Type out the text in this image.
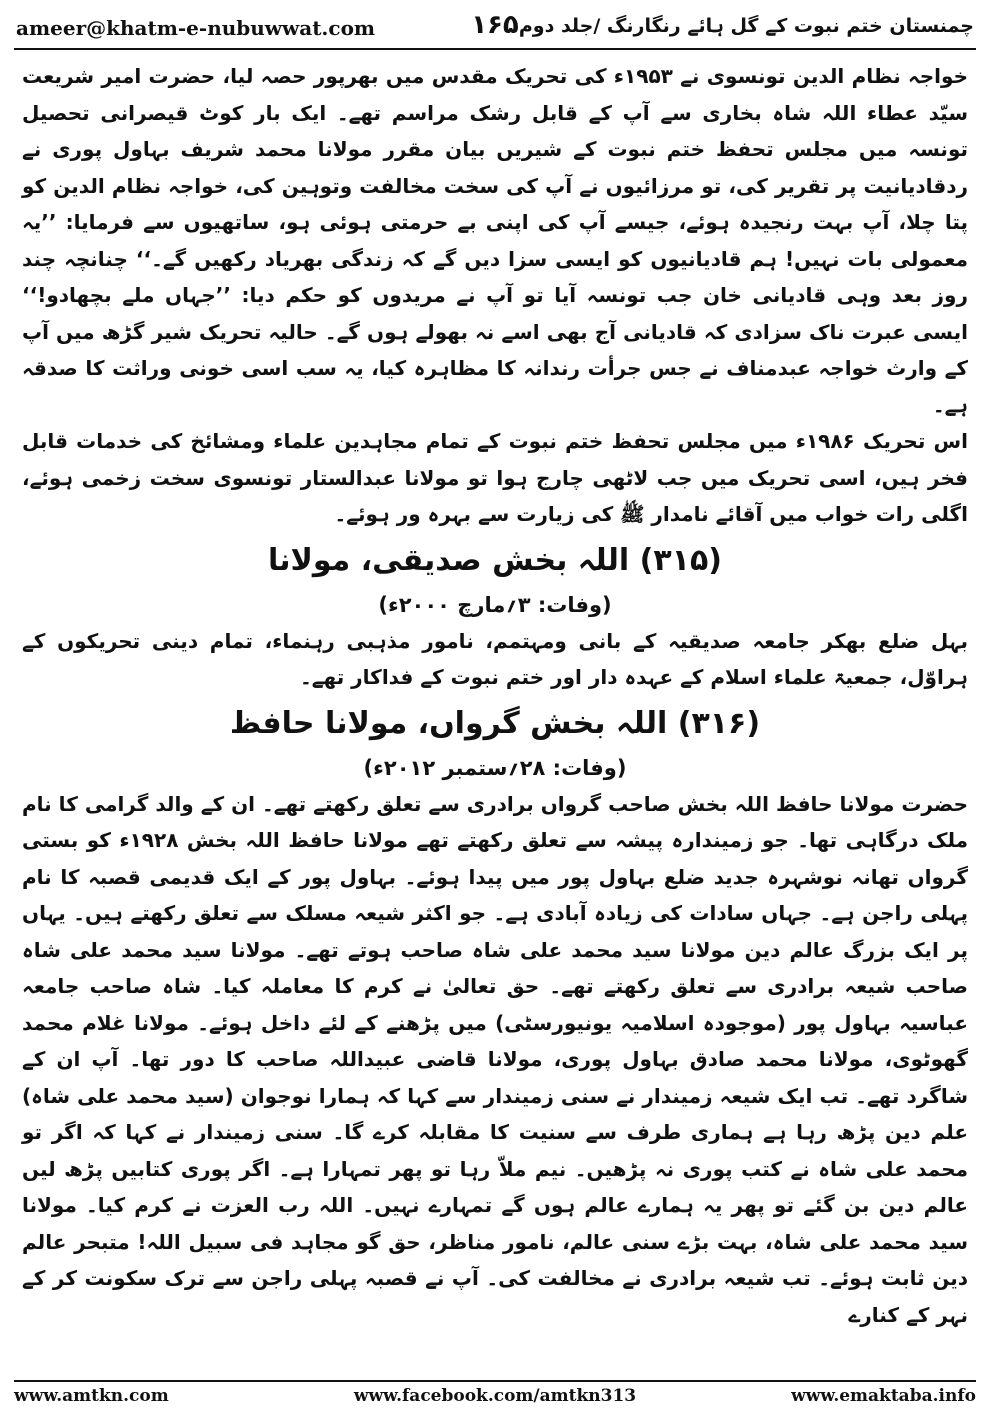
ameer@khatm-e-nubuwwat.com	۱۶۵ چمنستان ختم نبوت کے گل ہائے رنگارنگ /جلد دوم

خواجہ نظام الدین تونسوی نے ۱۹۵۳ء کی تحریک مقدس میں بھرپور حصہ لیا، حضرت امیر شریعت سیّد عطاء اللہ شاہ بخاری سے آپ کے قابل رشک مراسم تھے۔ ایک بار کوٹ قیصرانی تحصیل تونسہ میں مجلس تحفظ ختم نبوت کے شیریں بیان مقرر مولانا محمد شریف بہاول پوری نے ردقادیانیت پر تقریر کی، تو مرزائیوں نے آپ کی سخت مخالفت وتوہین کی، خواجہ نظام الدین کو پتا چلا، آپ بہت رنجیدہ ہوئے، جیسے آپ کی اپنی بے حرمتی ہوئی ہو، ساتھیوں سے فرمایا: ’’یہ معمولی بات نہیں! ہم قادیانیوں کو ایسی سزا دیں گے کہ زندگی بھریاد رکھیں گے۔‘‘ چنانچہ چند روز بعد وہی قادیانی خان جب تونسہ آیا تو آپ نے مریدوں کو حکم دیا: ’’جہاں ملے بچھادو!‘‘ ایسی عبرت ناک سزادی کہ قادیانی آج بھی اسے نہ بھولے ہوں گے۔ حالیہ تحریک شیر گڑھ میں آپ کے وارث خواجہ عبدمناف نے جس جرأت رندانہ کا مظاہرہ کیا، یہ سب اسی خونی وراثت کا صدقہ ہے۔

اس تحریک ۱۹۸۶ء میں مجلس تحفظ ختم نبوت کے تمام مجاہدین علماء ومشائخ کی خدمات قابل فخر ہیں، اسی تحریک میں جب لاٹھی چارج ہوا تو مولانا عبدالستار تونسوی سخت زخمی ہوئے، اگلی رات خواب میں آقائے نامدار ﷺ کی زیارت سے بہرہ ور ہوئے۔

(۳۱۵) اللہ بخش صدیقی، مولانا

(وفات: ۳؍مارچ ۲۰۰۰ء)

بہل ضلع بھکر جامعہ صدیقیہ کے بانی ومہتمم، نامور مذہبی رہنماء، تمام دینی تحریکوں کے ہراوّل، جمعیۃ علماء اسلام کے عہدہ دار اور ختم نبوت کے فداکار تھے۔

(۳۱۶) اللہ بخش گرواں، مولانا حافظ

(وفات: ۲۸؍ستمبر ۲۰۱۲ء)

حضرت مولانا حافظ اللہ بخش صاحب گرواں برادری سے تعلق رکھتے تھے۔ ان کے والد گرامی کا نام ملک درگاہی تھا۔ جو زمیندارہ پیشہ سے تعلق رکھتے تھے مولانا حافظ اللہ بخش ۱۹۲۸ء کو بستی گرواں تھانہ نوشہرہ جدید ضلع بہاول پور میں پیدا ہوئے۔ بہاول پور کے ایک قدیمی قصبہ کا نام پہلی راجن ہے۔ جہاں سادات کی زیادہ آبادی ہے۔ جو اکثر شیعہ مسلک سے تعلق رکھتے ہیں۔ یہاں پر ایک بزرگ عالم دین مولانا سید محمد علی شاہ صاحب ہوتے تھے۔ مولانا سید محمد علی شاہ صاحب شیعہ برادری سے تعلق رکھتے تھے۔ حق تعالیٰ نے کرم کا معاملہ کیا۔ شاہ صاحب جامعہ عباسیہ بہاول پور (موجودہ اسلامیہ یونیورسٹی) میں پڑھنے کے لئے داخل ہوئے۔ مولانا غلام محمد گھوٹوی، مولانا محمد صادق بہاول پوری، مولانا قاضی عبیداللہ صاحب کا دور تھا۔ آپ ان کے شاگرد تھے۔ تب ایک شیعہ زمیندار نے سنی زمیندار سے کہا کہ ہمارا نوجوان (سید محمد علی شاہ) علم دین پڑھ رہا ہے ہماری طرف سے سنیت کا مقابلہ کرے گا۔ سنی زمیندار نے کہا کہ اگر تو محمد علی شاہ نے کتب پوری نہ پڑھیں۔ نیم ملاّ رہا تو پھر تمہارا ہے۔ اگر پوری کتابیں پڑھ لیں عالم دین بن گئے تو پھر یہ ہمارے عالم ہوں گے تمہارے نہیں۔ اللہ رب العزت نے کرم کیا۔ مولانا سید محمد علی شاہ، بہت بڑے سنی عالم، نامور مناظر، حق گو مجاہد فی سبیل اللہ! متبحر عالم دین ثابت ہوئے۔ تب شیعہ برادری نے مخالفت کی۔ آپ نے قصبہ پہلی راجن سے ترک سکونت کر کے نہر کے کنارے

www.amtkn.com	www.facebook.com/amtkn313	www.emaktaba.info
